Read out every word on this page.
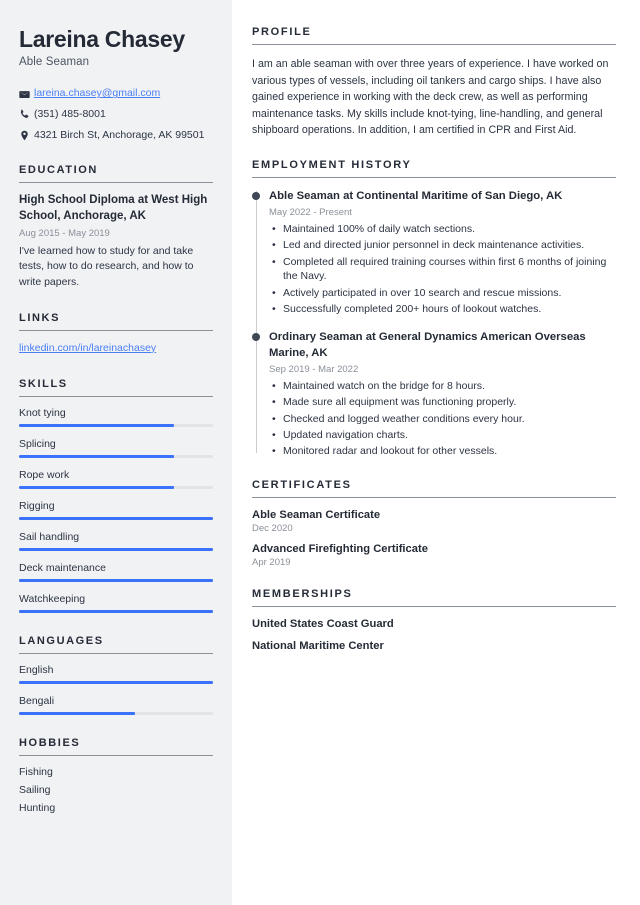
Lareina Chasey
Able Seaman
lareina.chasey@gmail.com
(351) 485-8001
4321 Birch St, Anchorage, AK 99501
EDUCATION
High School Diploma at West High School, Anchorage, AK
Aug 2015 - May 2019
I've learned how to study for and take tests, how to do research, and how to write papers.
LINKS
linkedin.com/in/lareinachasey
SKILLS
Knot tying
Splicing
Rope work
Rigging
Sail handling
Deck maintenance
Watchkeeping
LANGUAGES
English
Bengali
HOBBIES
Fishing
Sailing
Hunting
PROFILE

I am an able seaman with over three years of experience. I have worked on various types of vessels, including oil tankers and cargo ships. I have also gained experience in working with the deck crew, as well as performing maintenance tasks. My skills include knot-tying, line-handling, and general shipboard operations. In addition, I am certified in CPR and First Aid.

EMPLOYMENT HISTORY
Able Seaman at Continental Maritime of San Diego, AK
May 2022 - Present
• Maintained 100% of daily watch sections.
• Led and directed junior personnel in deck maintenance activities.
• Completed all required training courses within first 6 months of joining the Navy.
• Actively participated in over 10 search and rescue missions.
• Successfully completed 200+ hours of lookout watches.
Ordinary Seaman at General Dynamics American Overseas Marine, AK
Sep 2019 - Mar 2022
• Maintained watch on the bridge for 8 hours.
• Made sure all equipment was functioning properly.
• Checked and logged weather conditions every hour.
• Updated navigation charts.
• Monitored radar and lookout for other vessels.
CERTIFICATES
Able Seaman Certificate
Dec 2020
Advanced Firefighting Certificate
Apr 2019
MEMBERSHIPS
United States Coast Guard
National Maritime Center
